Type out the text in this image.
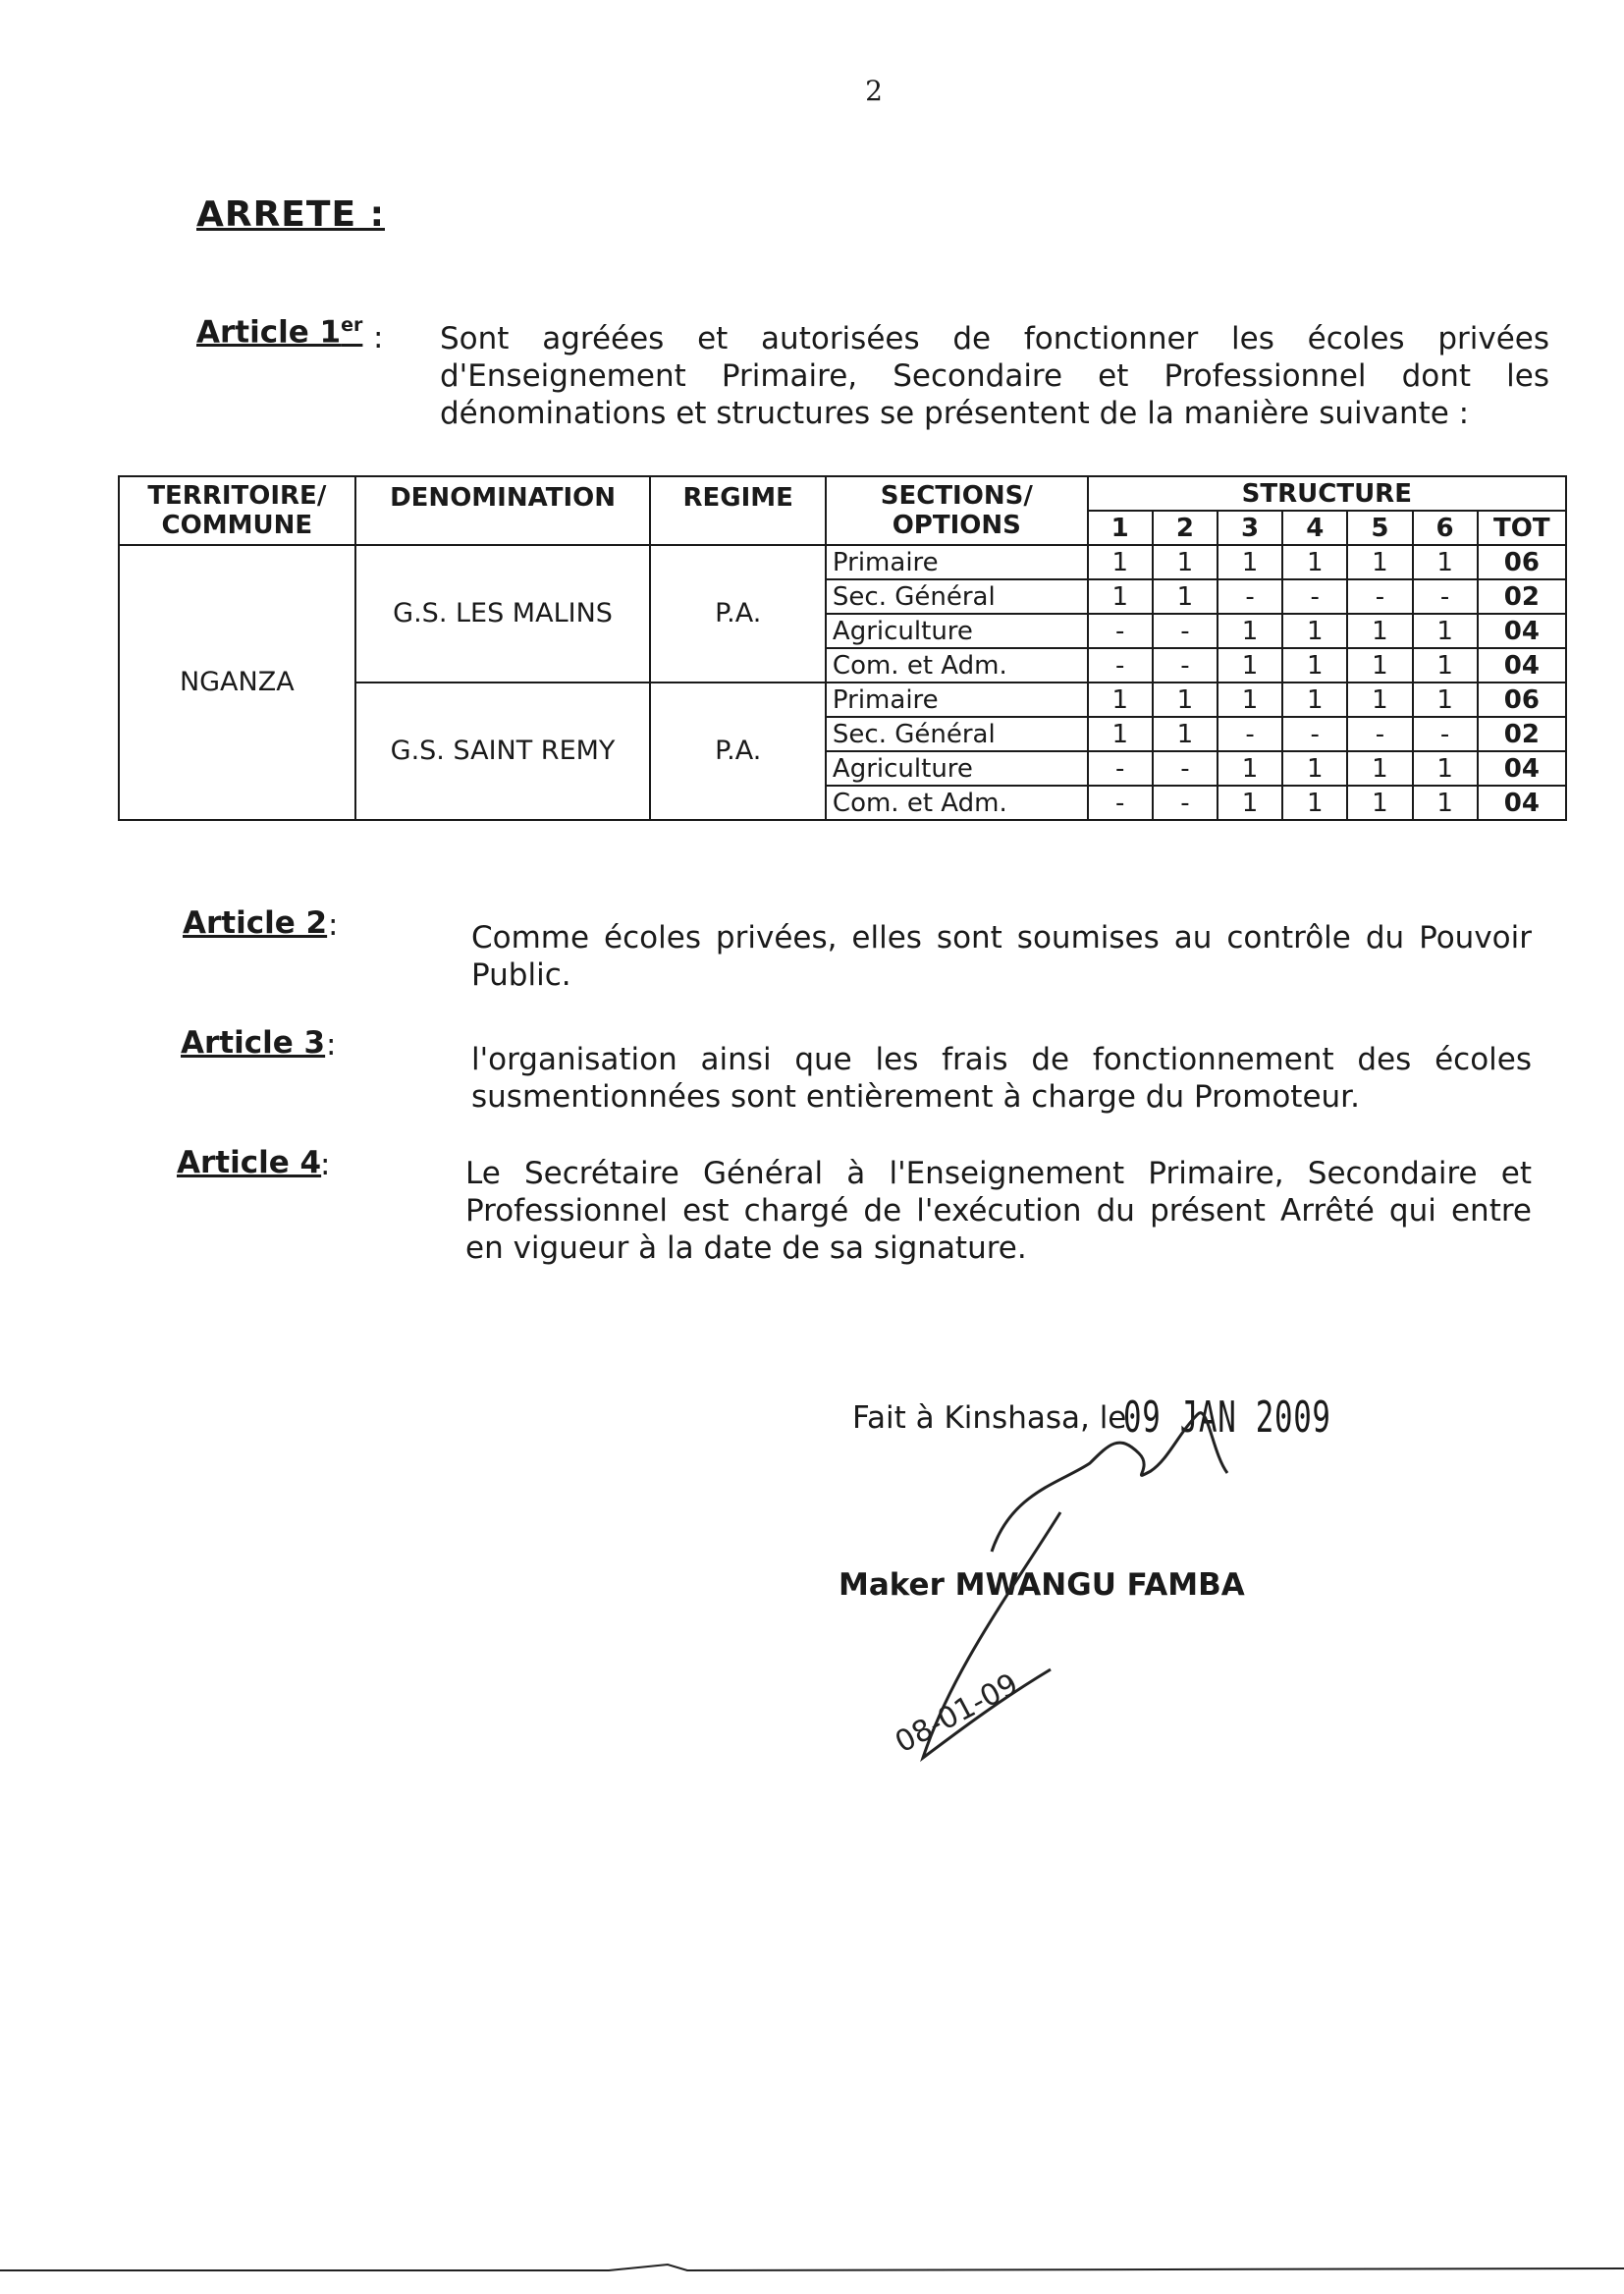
2
ARRETE :
Article 1er : Sont agréées et autorisées de fonctionner les écoles privées d'Enseignement Primaire, Secondaire et Professionnel dont les dénominations et structures se présentent de la manière suivante :
TERRITOIRE/ COMMUNE	DENOMINATION	REGIME	SECTIONS/ OPTIONS	STRUCTURE						
				1	2	3	4	5	6	TOT
NGANZA	G.S. LES MALINS	P.A.	Primaire	1	1	1	1	1	1	06
			Sec. Général	1	1	-	-	-	-	02
			Agriculture	-	-	1	1	1	1	04
			Com. et Adm.	-	-	1	1	1	1	04
	G.S. SAINT REMY	P.A.	Primaire	1	1	1	1	1	1	06
			Sec. Général	1	1	-	-	-	-	02
			Agriculture	-	-	1	1	1	1	04
			Com. et Adm.	-	-	1	1	1	1	04
Article 2 :	Comme écoles privées, elles sont soumises au contrôle du Pouvoir Public.
Article 3 :	l'organisation ainsi que les frais de fonctionnement des écoles susmentionnées sont entièrement à charge du Promoteur.
Article 4
:	Le Secrétaire Général à l'Enseignement Primaire, Secondaire et Professionnel est chargé de l'exécution du présent Arrêté qui entre en vigueur à la date de sa signature.
Fait à Kinshasa, le
09 JAN 2009
Maker MWANGU FAMBA
08-01-09
